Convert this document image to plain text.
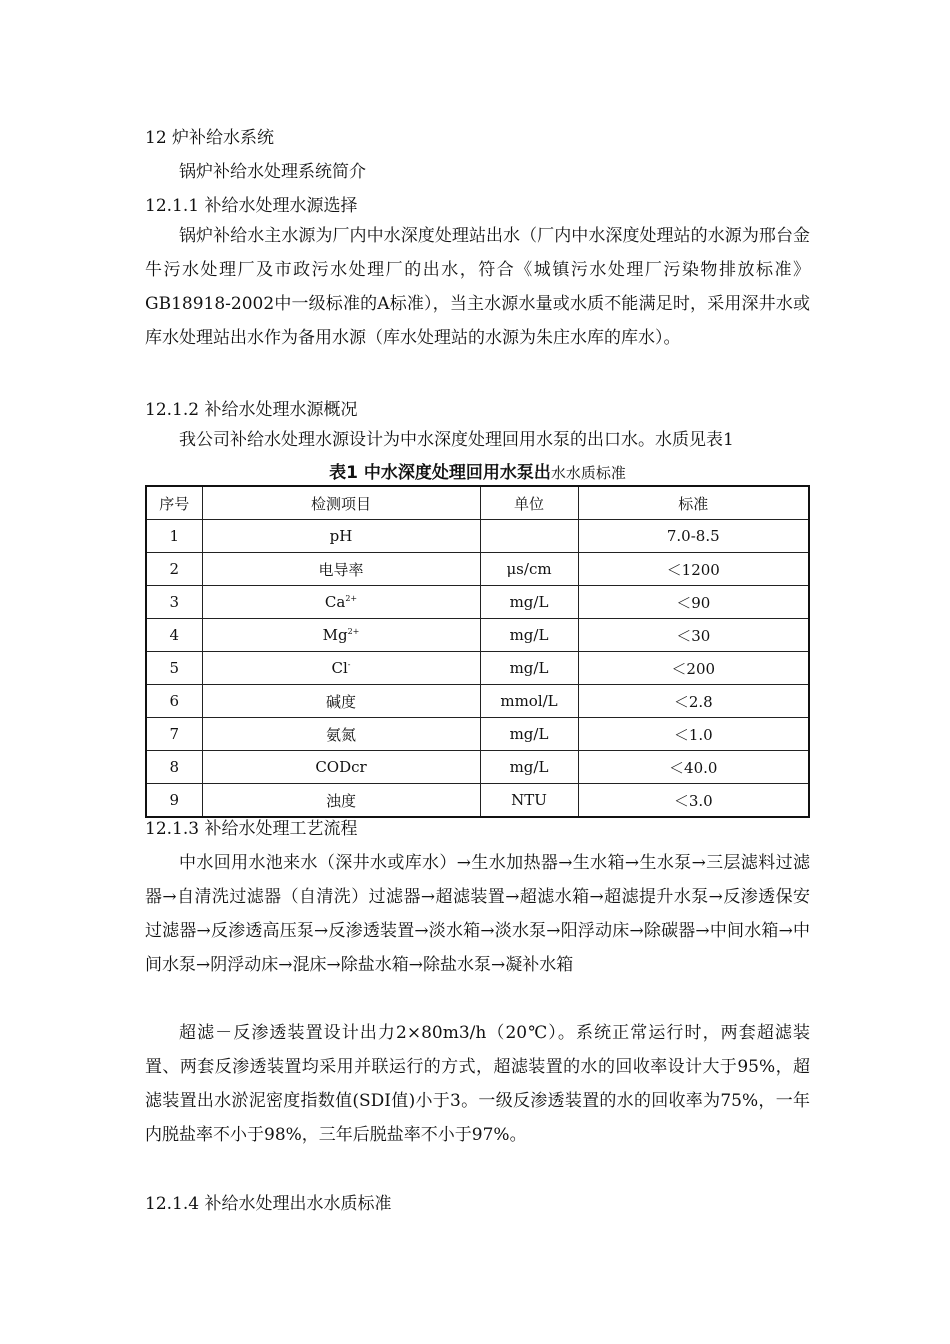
12 炉补给水系统
锅炉补给水处理系统简介
12.1.1 补给水处理水源选择
锅炉补给水主水源为厂内中水深度处理站出水（厂内中水深度处理站的水源为邢台金牛污水处理厂及市政污水处理厂的出水，符合《城镇污水处理厂污染物排放标准》 GB18918-2002中一级标准的A标准），当主水源水量或水质不能满足时，采用深井水或库水处理站出水作为备用水源（库水处理站的水源为朱庄水库的库水）。
12.1.2 补给水处理水源概况
我公司补给水处理水源设计为中水深度处理回用水泵的出口水。水质见表1
表1 中水深度处理回用水泵出水水质标准
序号	检测项目	单位	标准
1	pH		7.0-8.5
2	电导率	μs/cm	＜1200
3	$Ca^{2+}$	mg/L	＜90
4	$Mg^{2+}$	mg/L	＜30
5	Cl-	mg/L	＜200
6	碱度	mmol/L	＜2.8
7	氨氮	mg/L	＜1.0
8	CODcr	mg/L	＜40.0
9	浊度	NTU	＜3.0
12.1.3 补给水处理工艺流程
中水回用水池来水（深井水或库水）→生水加热器→生水箱→生水泵→三层滤料过滤器→自清洗过滤器（自清洗）过滤器→超滤装置→超滤水箱→超滤提升水泵→反渗透保安过滤器→反渗透高压泵→反渗透装置→淡水箱→淡水泵→阳浮动床→除碳器→中间水箱→中间水泵→阴浮动床→混床→除盐水箱→除盐水泵→凝补水箱
超滤－反渗透装置设计出力2×80m3/h（20℃）。系统正常运行时，两套超滤装置、两套反渗透装置均采用并联运行的方式，超滤装置的水的回收率设计大于95%，超滤装置出水淤泥密度指数值(SDI值)小于3。一级反渗透装置的水的回收率为75%，一年内脱盐率不小于98%，三年后脱盐率不小于97%。
12.1.4 补给水处理出水水质标准
